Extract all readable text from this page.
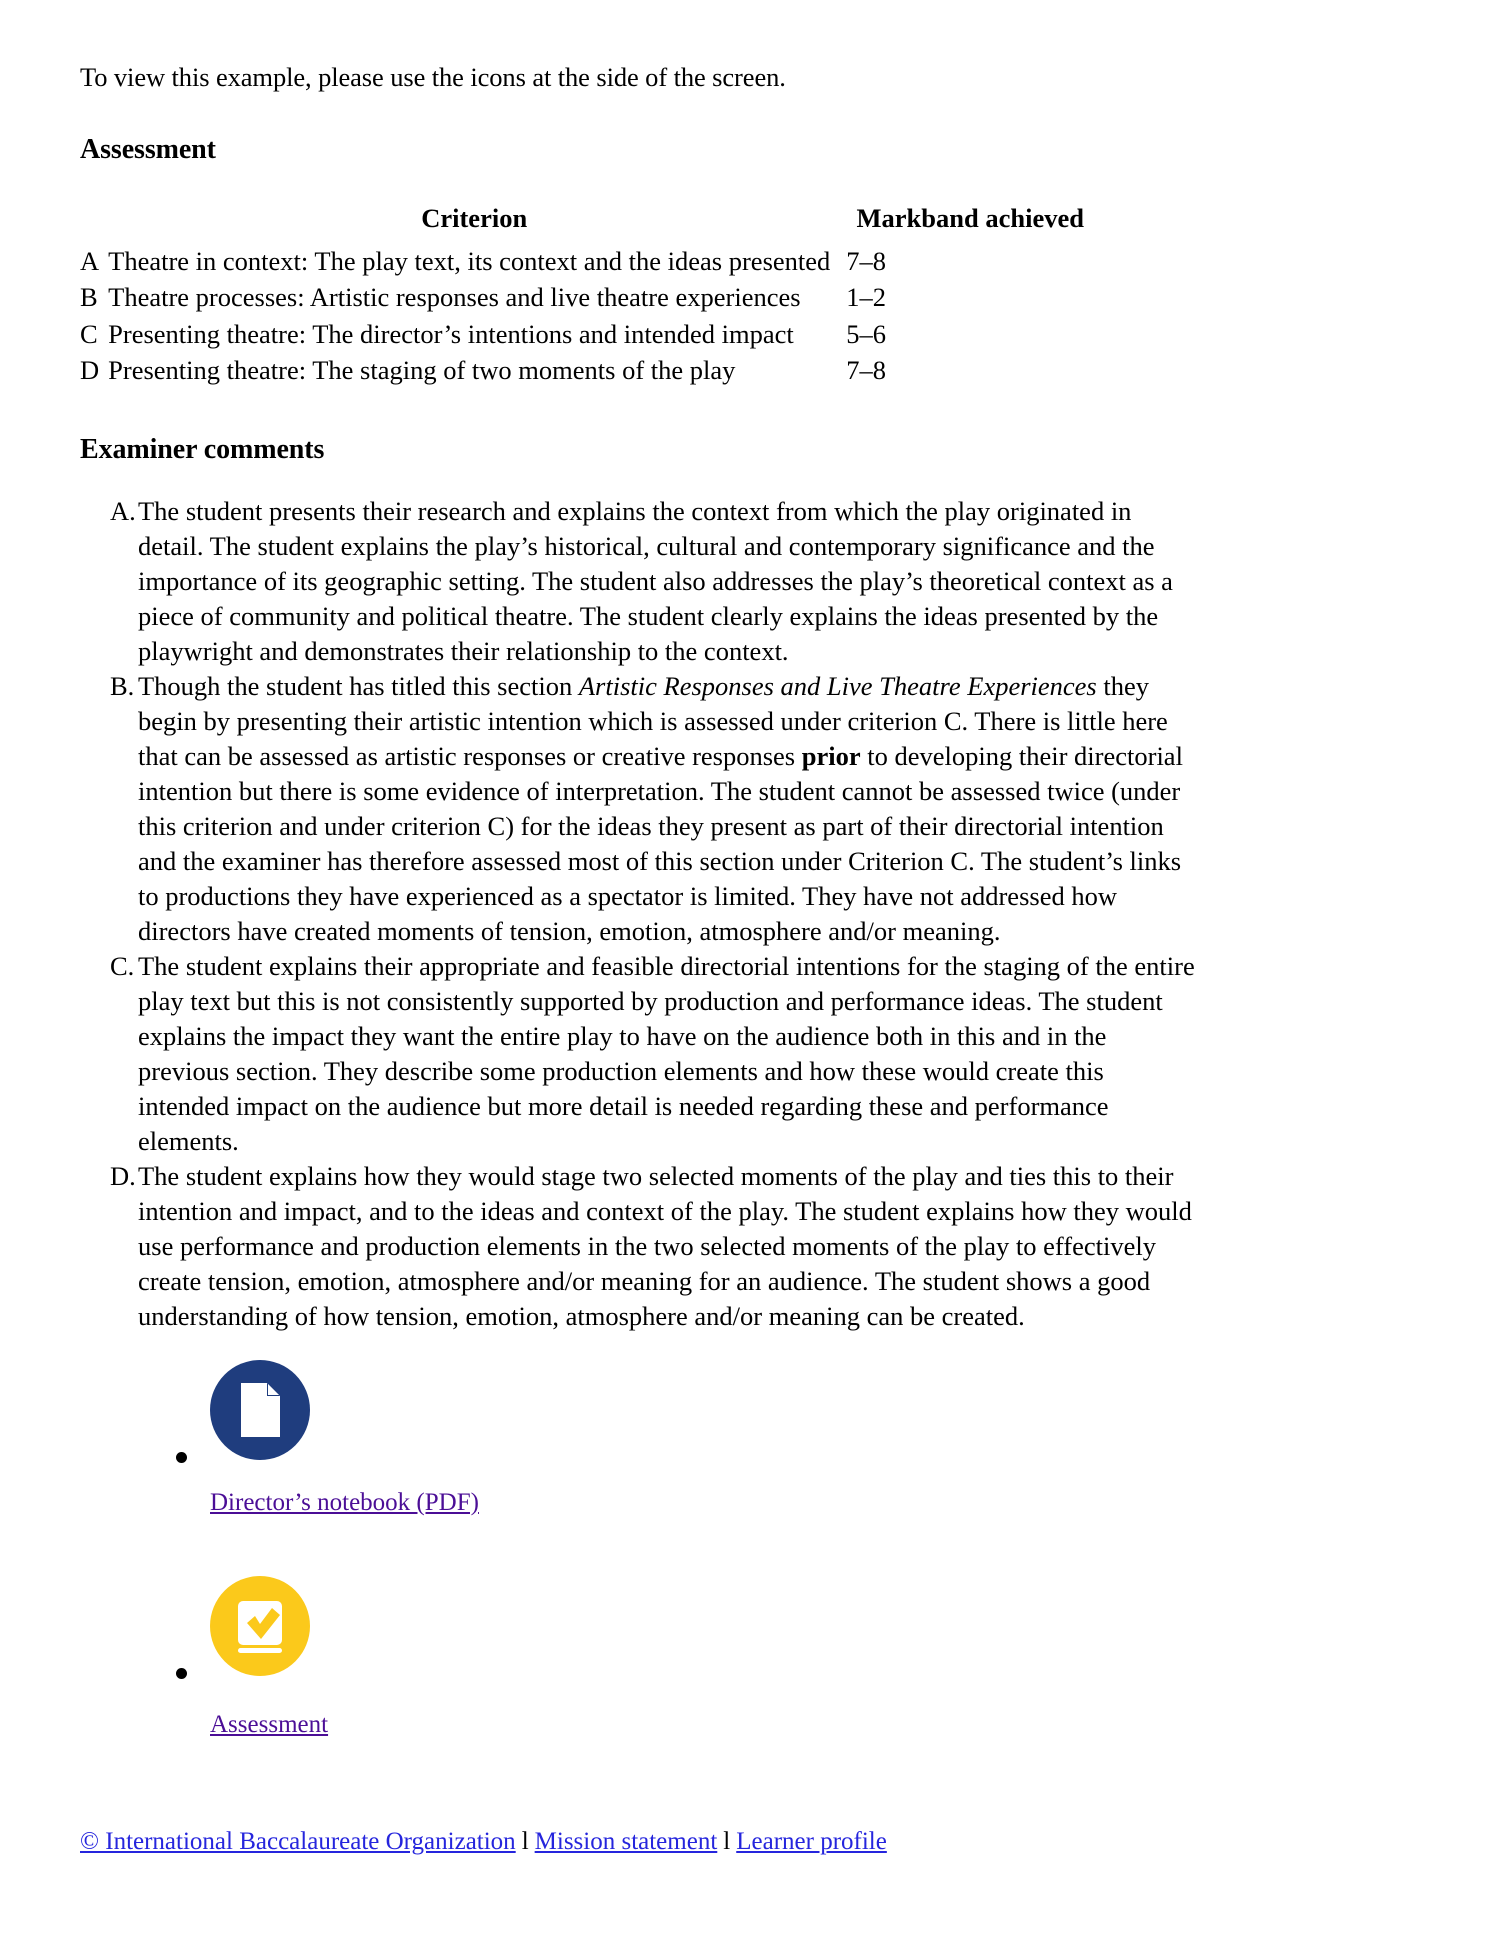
To view this example, please use the icons at the side of the screen.

Assessment
	Criterion	Markband achieved
A	Theatre in context: The play text, its context and the ideas presented	7–8
B	Theatre processes: Artistic responses and live theatre experiences	1–2
C	Presenting theatre: The director’s intentions and intended impact	5–6
D	Presenting theatre: The staging of two moments of the play	7–8
Examiner comments
A. The student presents their research and explains the context from which the play originated in detail. The student explains the play’s historical, cultural and contemporary significance and the importance of its geographic setting. The student also addresses the play’s theoretical context as a piece of community and political theatre. The student clearly explains the ideas presented by the playwright and demonstrates their relationship to the context.
B. Though the student has titled this section Artistic Responses and Live Theatre Experiences they begin by presenting their artistic intention which is assessed under criterion C. There is little here that can be assessed as artistic responses or creative responses prior to developing their directorial intention but there is some evidence of interpretation. The student cannot be assessed twice (under this criterion and under criterion C) for the ideas they present as part of their directorial intention and the examiner has therefore assessed most of this section under Criterion C. The student’s links to productions they have experienced as a spectator is limited. They have not addressed how directors have created moments of tension, emotion, atmosphere and/or meaning.
C. The student explains their appropriate and feasible directorial intentions for the staging of the entire play text but this is not consistently supported by production and performance ideas. The student explains the impact they want the entire play to have on the audience both in this and in the previous section. They describe some production elements and how these would create this intended impact on the audience but more detail is needed regarding these and performance elements.
D. The student explains how they would stage two selected moments of the play and ties this to their intention and impact, and to the ideas and context of the play. The student explains how they would use performance and production elements in the two selected moments of the play to effectively create tension, emotion, atmosphere and/or meaning for an audience. The student shows a good understanding of how tension, emotion, atmosphere and/or meaning can be created.
Director’s notebook (PDF)
Assessment
© International Baccalaureate Organization l Mission statement l Learner profile
